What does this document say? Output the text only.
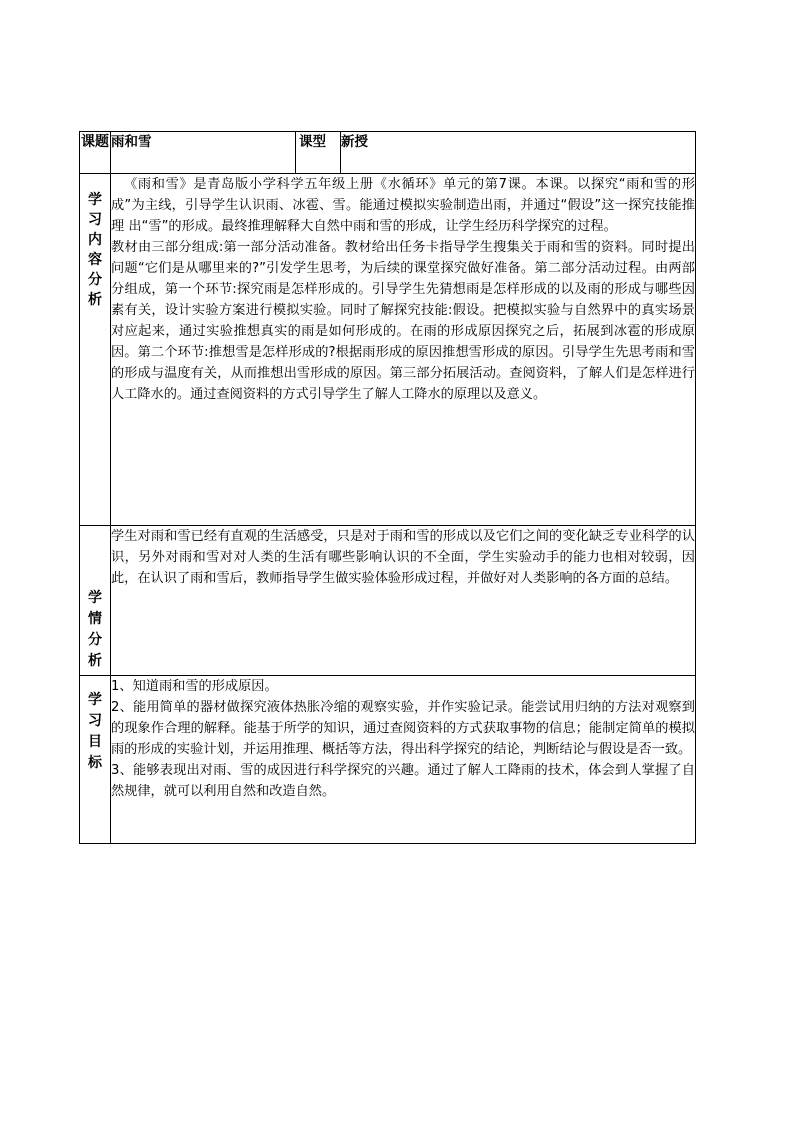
课题	雨和雪	课型	新授

学习内容分析	《雨和雪》是青岛版小学科学五年级上册《水循环》单元的第7课。本课。以探究“雨和雪的形成”为主线，引导学生认识雨、冰雹、雪。能通过模拟实验制造出雨，并通过“假设”这一探究技能推理 出“雪”的形成。最终推理解释大自然中雨和雪的形成，让学生经历科学探究的过程。

教材由三部分组成:第一部分活动准备。教材给出任务卡指导学生搜集关于雨和雪的资料。同时提出问题“它们是从哪里来的?”引发学生思考，为后续的课堂探究做好准备。第二部分活动过程。由两部分组成，第一个环节:探究雨是怎样形成的。引导学生先猜想雨是怎样形成的以及雨的形成与哪些因素有关，设计实验方案进行模拟实验。同时了解探究技能:假设。把模拟实验与自然界中的真实场景对应起来，通过实验推想真实的雨是如何形成的。在雨的形成原因探究之后，拓展到冰雹的形成原因。第二个环节:推想雪是怎样形成的?根据雨形成的原因推想雪形成的原因。引导学生先思考雨和雪的形成与温度有关，从而推想出雪形成的原因。第三部分拓展活动。查阅资料，了解人们是怎样进行人工降水的。通过查阅资料的方式引导学生了解人工降水的原理以及意义。		

学情分析	学生对雨和雪已经有直观的生活感受，只是对于雨和雪的形成以及它们之间的变化缺乏专业科学的认识，另外对雨和雪对对人类的生活有哪些影响认识的不全面，学生实验动手的能力也相对较弱，因此，在认识了雨和雪后，教师指导学生做实验体验形成过程，并做好对人类影响的各方面的总结。		

学习目标	1、知道雨和雪的形成原因。

2、能用简单的器材做探究液体热胀冷缩的观察实验，并作实验记录。能尝试用归纳的方法对观察到的现象作合理的解释。能基于所学的知识，通过查阅资料的方式获取事物的信息；能制定简单的模拟雨的形成的实验计划，并运用推理、概括等方法，得出科学探究的结论，判断结论与假设是否一致。

3、能够表现出对雨、雪的成因进行科学探究的兴趣。通过了解人工降雨的技术，体会到人掌握了自然规律，就可以利用自然和改造自然。		
